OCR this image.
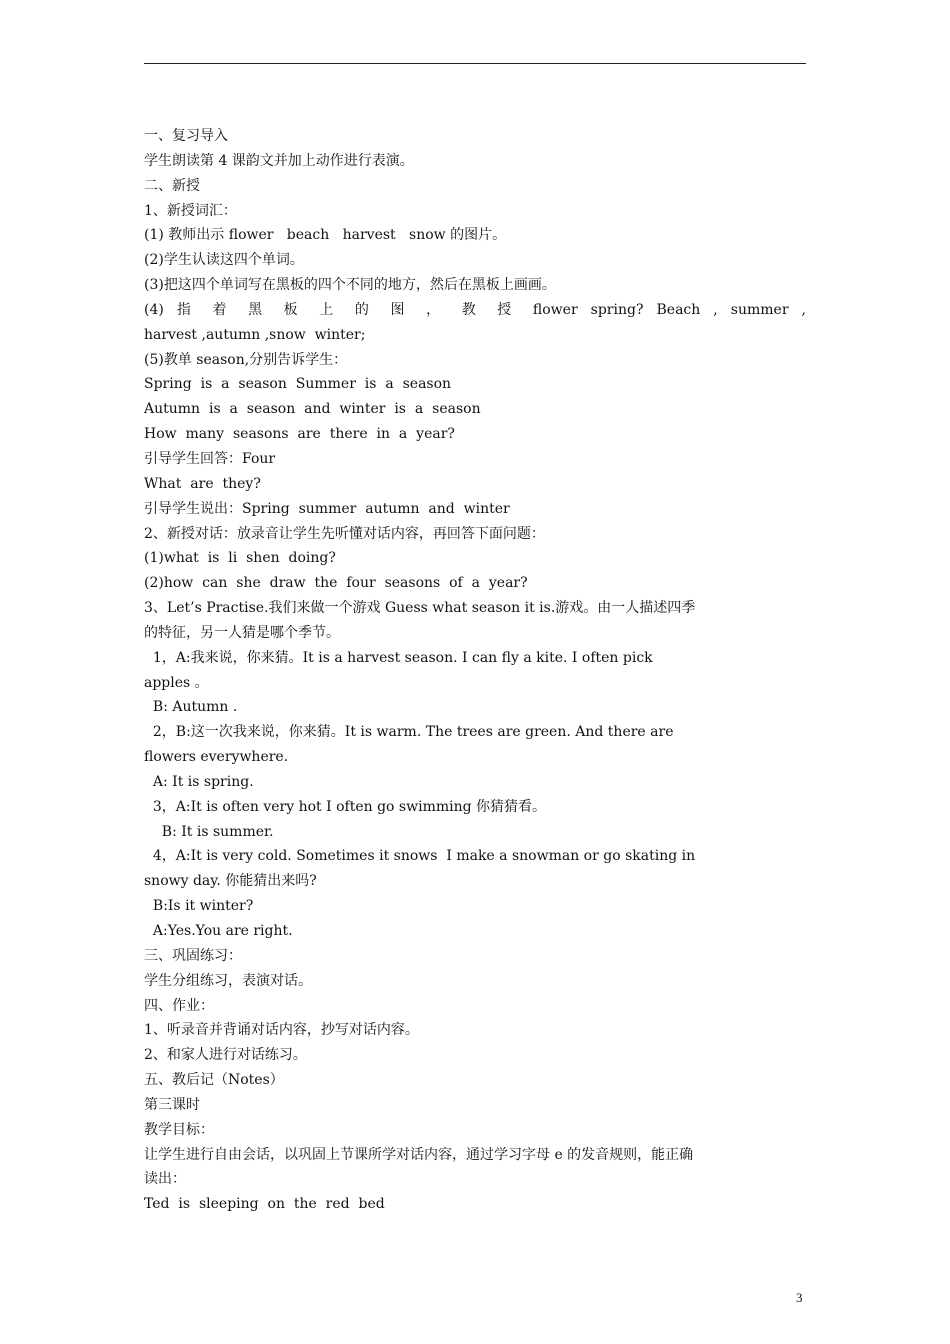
一、复习导入
学生朗读第 4 课韵文并加上动作进行表演。
二、新授
1、新授词汇：
(1) 教师出示 flower   beach   harvest   snow 的图片。
(2)学生认读这四个单词。
(3)把这四个单词写在黑板的四个不同的地方，然后在黑板上画画。
(4) 指 着 黑 板 上 的 图 ， 教 授 flower spring? Beach , summer ,
harvest ,autumn ,snow  winter;
(5)教单 season,分别告诉学生：
Spring  is  a  season  Summer  is  a  season
Autumn  is  a  season  and  winter  is  a  season
How  many  seasons  are  there  in  a  year?
引导学生回答：Four
What  are  they?
引导学生说出：Spring  summer  autumn  and  winter
2、新授对话：放录音让学生先听懂对话内容，再回答下面问题：
(1)what  is  li  shen  doing?
(2)how  can  she  draw  the  four  seasons  of  a  year?
3、Let’s Practise.我们来做一个游戏 Guess what season it is.游戏。由一人描述四季
的特征，另一人猜是哪个季节。
1，A:我来说，你来猜。It is a harvest season. I can fly a kite. I often pick
apples 。
B: Autumn .
2，B:这一次我来说，你来猜。It is warm. The trees are green. And there are
flowers everywhere.
A: It is spring.
3，A:It is often very hot I often go swimming 你猜猜看。
B: It is summer.
4，A:It is very cold. Sometimes it snows  I make a snowman or go skating in
snowy day. 你能猜出来吗?
B:Is it winter?
A:Yes.You are right.
三、巩固练习：
学生分组练习，表演对话。
四、作业：
1、听录音并背诵对话内容，抄写对话内容。
2、和家人进行对话练习。
五、教后记（Notes）
第三课时
教学目标：
让学生进行自由会话，以巩固上节课所学对话内容，通过学习字母 e 的发音规则，能正确
读出：
Ted  is  sleeping  on  the  red  bed
3
